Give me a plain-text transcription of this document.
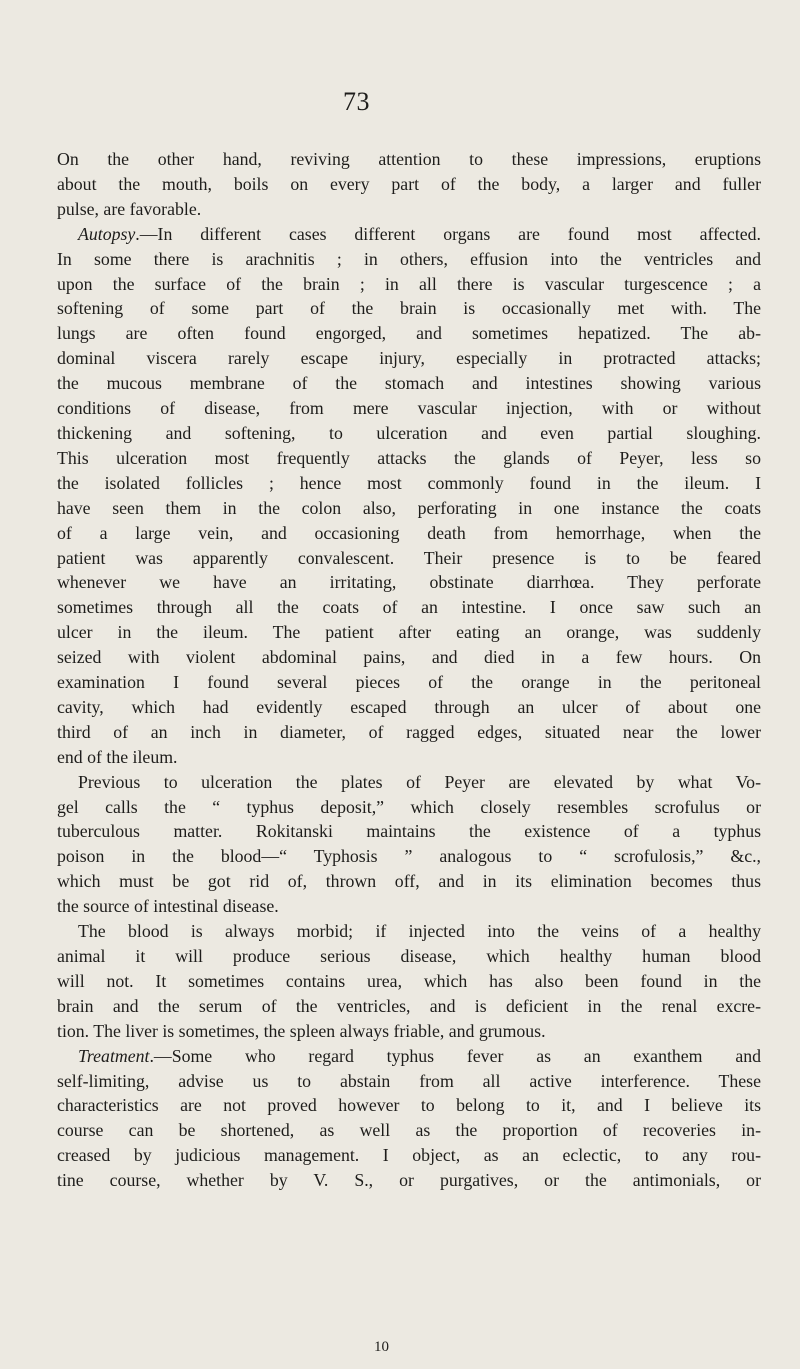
73
On the other hand, reviving attention to these impressions, eruptions
about the mouth, boils on every part of the body, a larger and fuller
pulse, are favorable.
Autopsy.—In different cases different organs are found most affected.
In some there is arachnitis ; in others, effusion into the ventricles and
upon the surface of the brain ; in all there is vascular turgescence ; a
softening of some part of the brain is occasionally met with. The
lungs are often found engorged, and sometimes hepatized. The ab-
dominal viscera rarely escape injury, especially in protracted attacks;
the mucous membrane of the stomach and intestines showing various
conditions of disease, from mere vascular injection, with or without
thickening and softening, to ulceration and even partial sloughing.
This ulceration most frequently attacks the glands of Peyer, less so
the isolated follicles ; hence most commonly found in the ileum. I
have seen them in the colon also, perforating in one instance the coats
of a large vein, and occasioning death from hemorrhage, when the
patient was apparently convalescent. Their presence is to be feared
whenever we have an irritating, obstinate diarrhœa. They perforate
sometimes through all the coats of an intestine. I once saw such an
ulcer in the ileum. The patient after eating an orange, was suddenly
seized with violent abdominal pains, and died in a few hours. On
examination I found several pieces of the orange in the peritoneal
cavity, which had evidently escaped through an ulcer of about one
third of an inch in diameter, of ragged edges, situated near the lower
end of the ileum.
Previous to ulceration the plates of Peyer are elevated by what Vo-
gel calls the “ typhus deposit,” which closely resembles scrofulus or
tuberculous matter. Rokitanski maintains the existence of a typhus
poison in the blood—“ Typhosis ” analogous to “ scrofulosis,” &c.,
which must be got rid of, thrown off, and in its elimination becomes thus
the source of intestinal disease.
The blood is always morbid; if injected into the veins of a healthy
animal it will produce serious disease, which healthy human blood
will not. It sometimes contains urea, which has also been found in the
brain and the serum of the ventricles, and is deficient in the renal excre-
tion. The liver is sometimes, the spleen always friable, and grumous.
Treatment.—Some who regard typhus fever as an exanthem and
self-limiting, advise us to abstain from all active interference. These
characteristics are not proved however to belong to it, and I believe its
course can be shortened, as well as the proportion of recoveries in-
creased by judicious management. I object, as an eclectic, to any rou-
tine course, whether by V. S., or purgatives, or the antimonials, or
10
